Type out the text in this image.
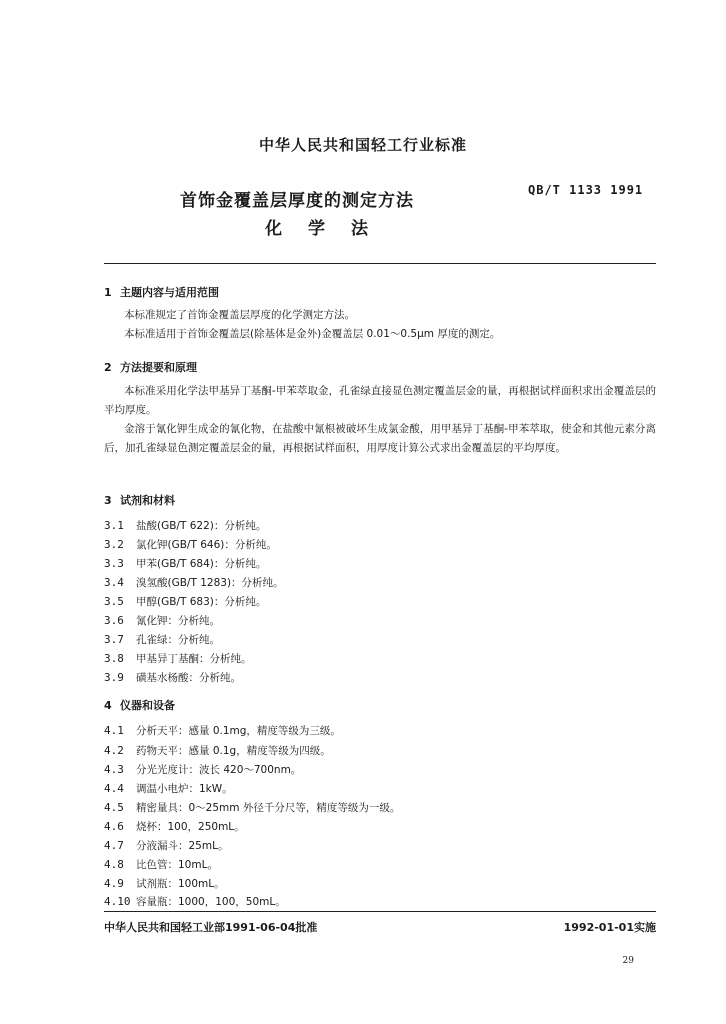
中华人民共和国轻工行业标准
首饰金覆盖层厚度的测定方法
化 学 法
QB/T 1133 1991
1 主题内容与适用范围
本标准规定了首饰金覆盖层厚度的化学测定方法。
本标准适用于首饰金覆盖层(除基体是金外)金覆盖层 0.01～0.5μm 厚度的测定。
2 方法提要和原理
本标准采用化学法甲基异丁基酮-甲苯萃取金，孔雀绿直接显色测定覆盖层金的量，再根据试样面积求出金覆盖层的平均厚度。
金溶于氰化钾生成金的氰化物，在盐酸中氰根被破坏生成氯金酸，用甲基异丁基酮-甲苯萃取，使金和其他元素分离后，加孔雀绿显色测定覆盖层金的量，再根据试样面积，用厚度计算公式求出金覆盖层的平均厚度。
3 试剂和材料
3.1 盐酸(GB/T 622)：分析纯。
3.2 氯化钾(GB/T 646)：分析纯。
3.3 甲苯(GB/T 684)：分析纯。
3.4 溴氢酸(GB/T 1283)：分析纯。
3.5 甲醇(GB/T 683)：分析纯。
3.6 氰化钾：分析纯。
3.7 孔雀绿：分析纯。
3.8 甲基异丁基酮：分析纯。
3.9 磺基水杨酸：分析纯。
4 仪器和设备
4.1 分析天平：感量 0.1mg，精度等级为三级。
4.2 药物天平：感量 0.1g，精度等级为四级。
4.3 分光光度计：波长 420～700nm。
4.4 调温小电炉：1kW。
4.5 精密量具：0～25mm 外径千分尺等，精度等级为一级。
4.6 烧杯：100，250mL。
4.7 分液漏斗：25mL。
4.8 比色管：10mL。
4.9 试剂瓶：100mL。
4.10 容量瓶：1000，100，50mL。
中华人民共和国轻工业部1991-06-04批准	1992-01-01实施
29
